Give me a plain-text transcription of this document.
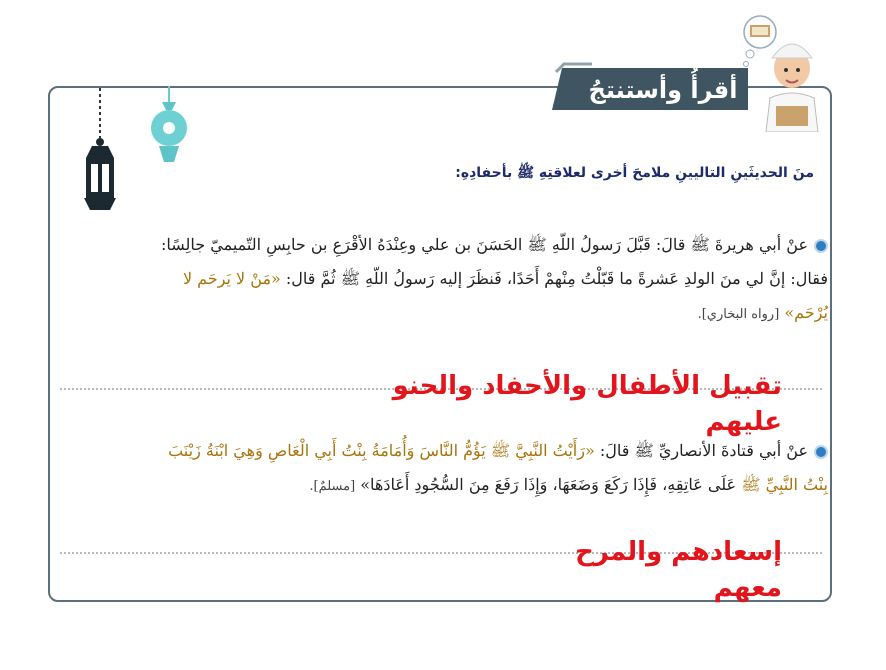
أقرأُ وأستنتجُ
منَ الحديثَينِ التاليينِ ملامحَ أخرى لعلاقتِهِ ﷺ بأحفادِهِ:
عنْ أبي هريرةَ ﷺ قالَ: قَبَّلَ رَسولُ اللّهِ ﷺ الحَسَنَ بن علي وعِنْدَهُ الأقْرَعِ بن حابِسِ التّميميّ جالِسًا:
فقال: إنَّ لي منَ الولدِ عَشرةً ما قَبّلْتُ مِنْهمْ أَحَدًا، فَنظَرَ إليه رَسولُ اللّهِ ﷺ ثُمَّ قال: «مَنْ لا يَرحَم لا
يُرْحَم» [رواه البخاري].
تقبيل الأطفال والأحفاد والحنو
عليهم
عنْ أبي قتادةَ الأنصاريِّ ﷺ قالَ: «رَأَيْتُ النَّبِيَّ ﷺ يَؤُمُّ النَّاسَ وَأُمَامَةُ بِنْتُ أَبِي الْعَاصِ وَهِيَ ابْنَةُ زَيْنَبَ
بِنْتُ النَّبِيِّ ﷺ عَلَى عَاتِقِهِ، فَإِذَا رَكَعَ وَضَعَهَا، وَإِذَا رَفَعَ مِنَ السُّجُودِ أَعَادَهَا» [مسلمٌ].
إسعادهم والمرح
معهم
